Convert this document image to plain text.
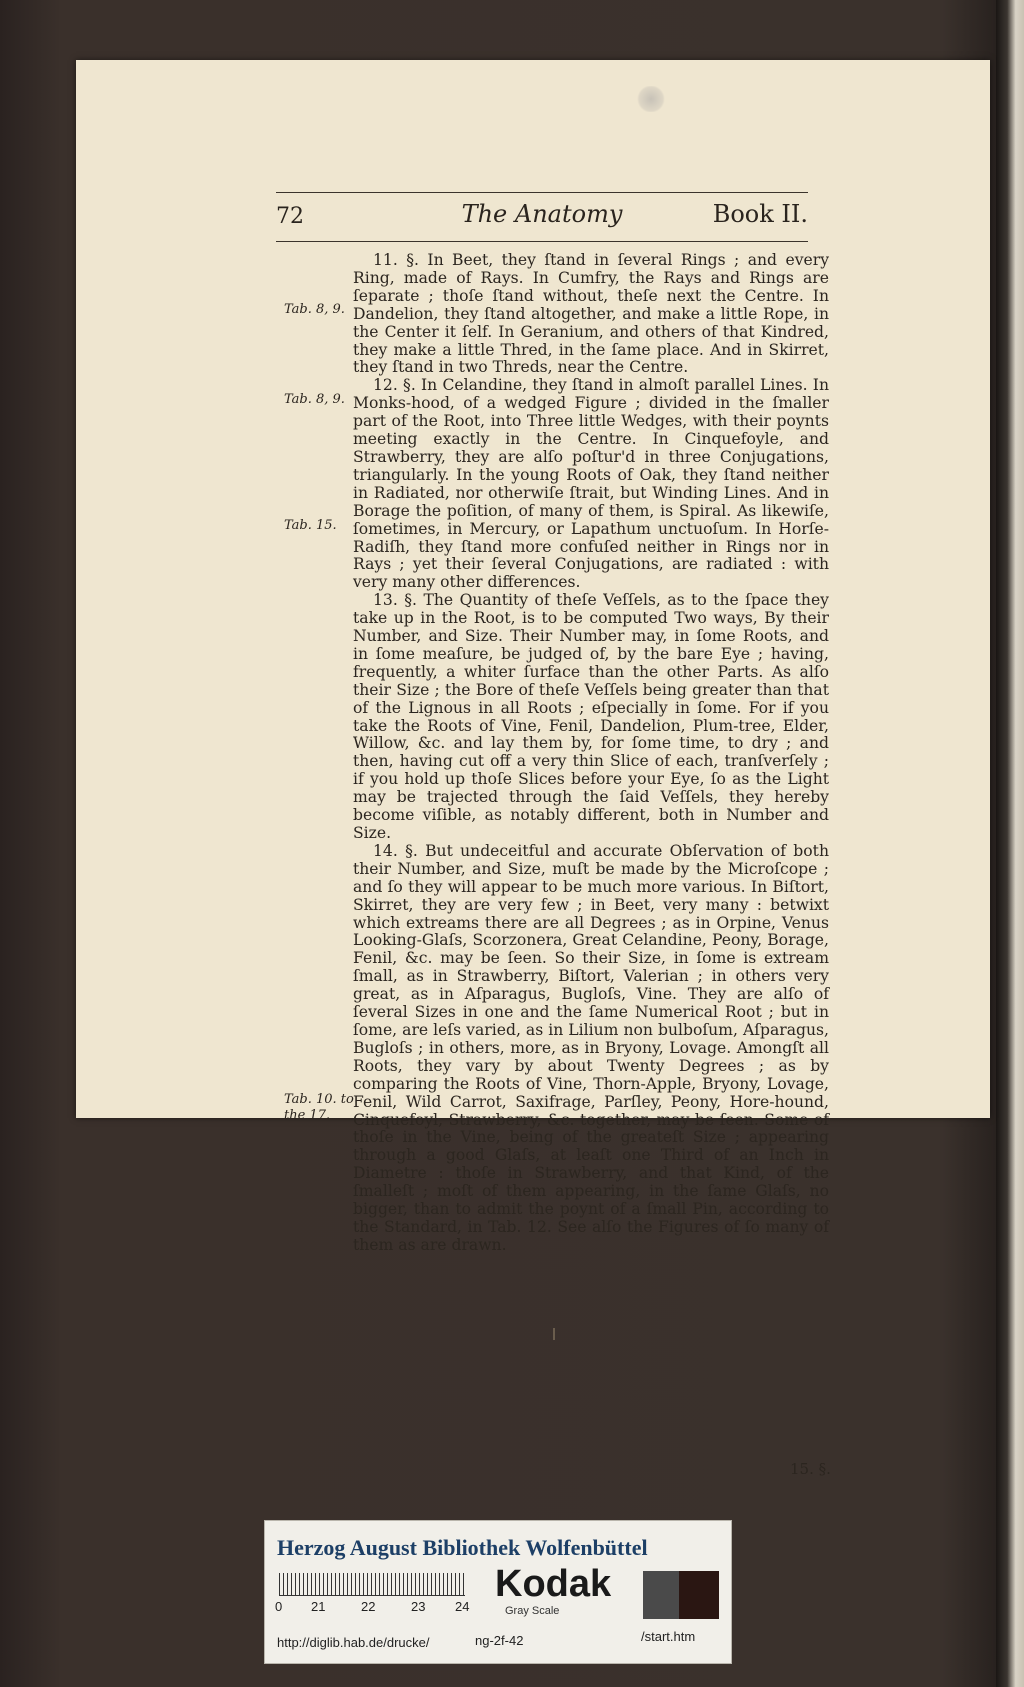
72	The Anatomy	Book II.
Tab. 8, 9.
Tab. 8, 9.
Tab. 15.
Tab. 10. to
the 17.

11. §. In Beet, they ſtand in ſeveral Rings ; and every Ring, made of Rays. In Cumfry, the Rays and Rings are ſeparate ; thoſe ſtand without, theſe next the Centre. In Dandelion, they ſtand altogether, and make a little Rope, in the Center it ſelf. In Geranium, and others of that Kindred, they make a little Thred, in the ſame place. And in Skirret, they ſtand in two Threds, near the Centre.

12. §. In Celandine, they ſtand in almoſt parallel Lines. In Monks-hood, of a wedged Figure ; divided in the ſmaller part of the Root, into Three little Wedges, with their poynts meeting exactly in the Centre. In Cinquefoyle, and Strawberry, they are alſo poſtur'd in three Conjugations, triangularly. In the young Roots of Oak, they ſtand neither in Radiated, nor otherwiſe ſtrait, but Winding Lines. And in Borage the poſition, of many of them, is Spiral. As likewiſe, ſometimes, in Mercury, or Lapathum unctuoſum. In Horſe-Radiſh, they ſtand more confuſed neither in Rings nor in Rays ; yet their ſeveral Conjugations, are radiated : with very many other differences.

13. §. The Quantity of theſe Veſſels, as to the ſpace they take up in the Root, is to be computed Two ways, By their Number, and Size. Their Number may, in ſome Roots, and in ſome meaſure, be judged of, by the bare Eye ; having, frequently, a whiter ſurface than the other Parts. As alſo their Size ; the Bore of theſe Veſſels being greater than that of the Lignous in all Roots ; eſpecially in ſome. For if you take the Roots of Vine, Fenil, Dandelion, Plum-tree, Elder, Willow, &c. and lay them by, for ſome time, to dry ; and then, having cut off a very thin Slice of each, tranſverſely ; if you hold up thoſe Slices before your Eye, ſo as the Light may be trajected through the ſaid Veſſels, they hereby become viſible, as notably different, both in Number and Size.

14. §. But undeceitful and accurate Obſervation of both their Number, and Size, muſt be made by the Microſcope ; and ſo they will appear to be much more various. In Biſtort, Skirret, they are very few ; in Beet, very many : betwixt which extreams there are all Degrees ; as in Orpine, Venus Looking-Glaſs, Scorzonera, Great Celandine, Peony, Borage, Fenil, &c. may be ſeen. So their Size, in ſome is extream ſmall, as in Strawberry, Biſtort, Valerian ; in others very great, as in Aſparagus, Bugloſs, Vine. They are alſo of ſeveral Sizes in one and the ſame Numerical Root ; but in ſome, are leſs varied, as in Lilium non bulboſum, Aſparagus, Bugloſs ; in others, more, as in Bryony, Lovage. Amongſt all Roots, they vary by about Twenty Degrees ; as by comparing the Roots of Vine, Thorn-Apple, Bryony, Lovage, Fenil, Wild Carrot, Saxifrage, Parſley, Peony, Hore-hound, Cinquefoyl, Strawberry, &c. together, may be ſeen. Some of thoſe in the Vine, being of the greateſt Size ; appearing through a good Glaſs, at leaſt one Third of an Inch in Diametre : thoſe in Strawberry, and that Kind, of the ſmalleſt ; moſt of them appearing, in the ſame Glaſs, no bigger, than to admit the poynt of a ſmall Pin, according to the Standard, in Tab. 12. See alſo the Figures of ſo many of them as are drawn.

15. §.
Herzog August Bibliothek Wolfenbüttel
0 21	22	23 24
Kodak
Gray Scale
http://diglib.hab.de/drucke/	ng-2f-42	/start.htm
